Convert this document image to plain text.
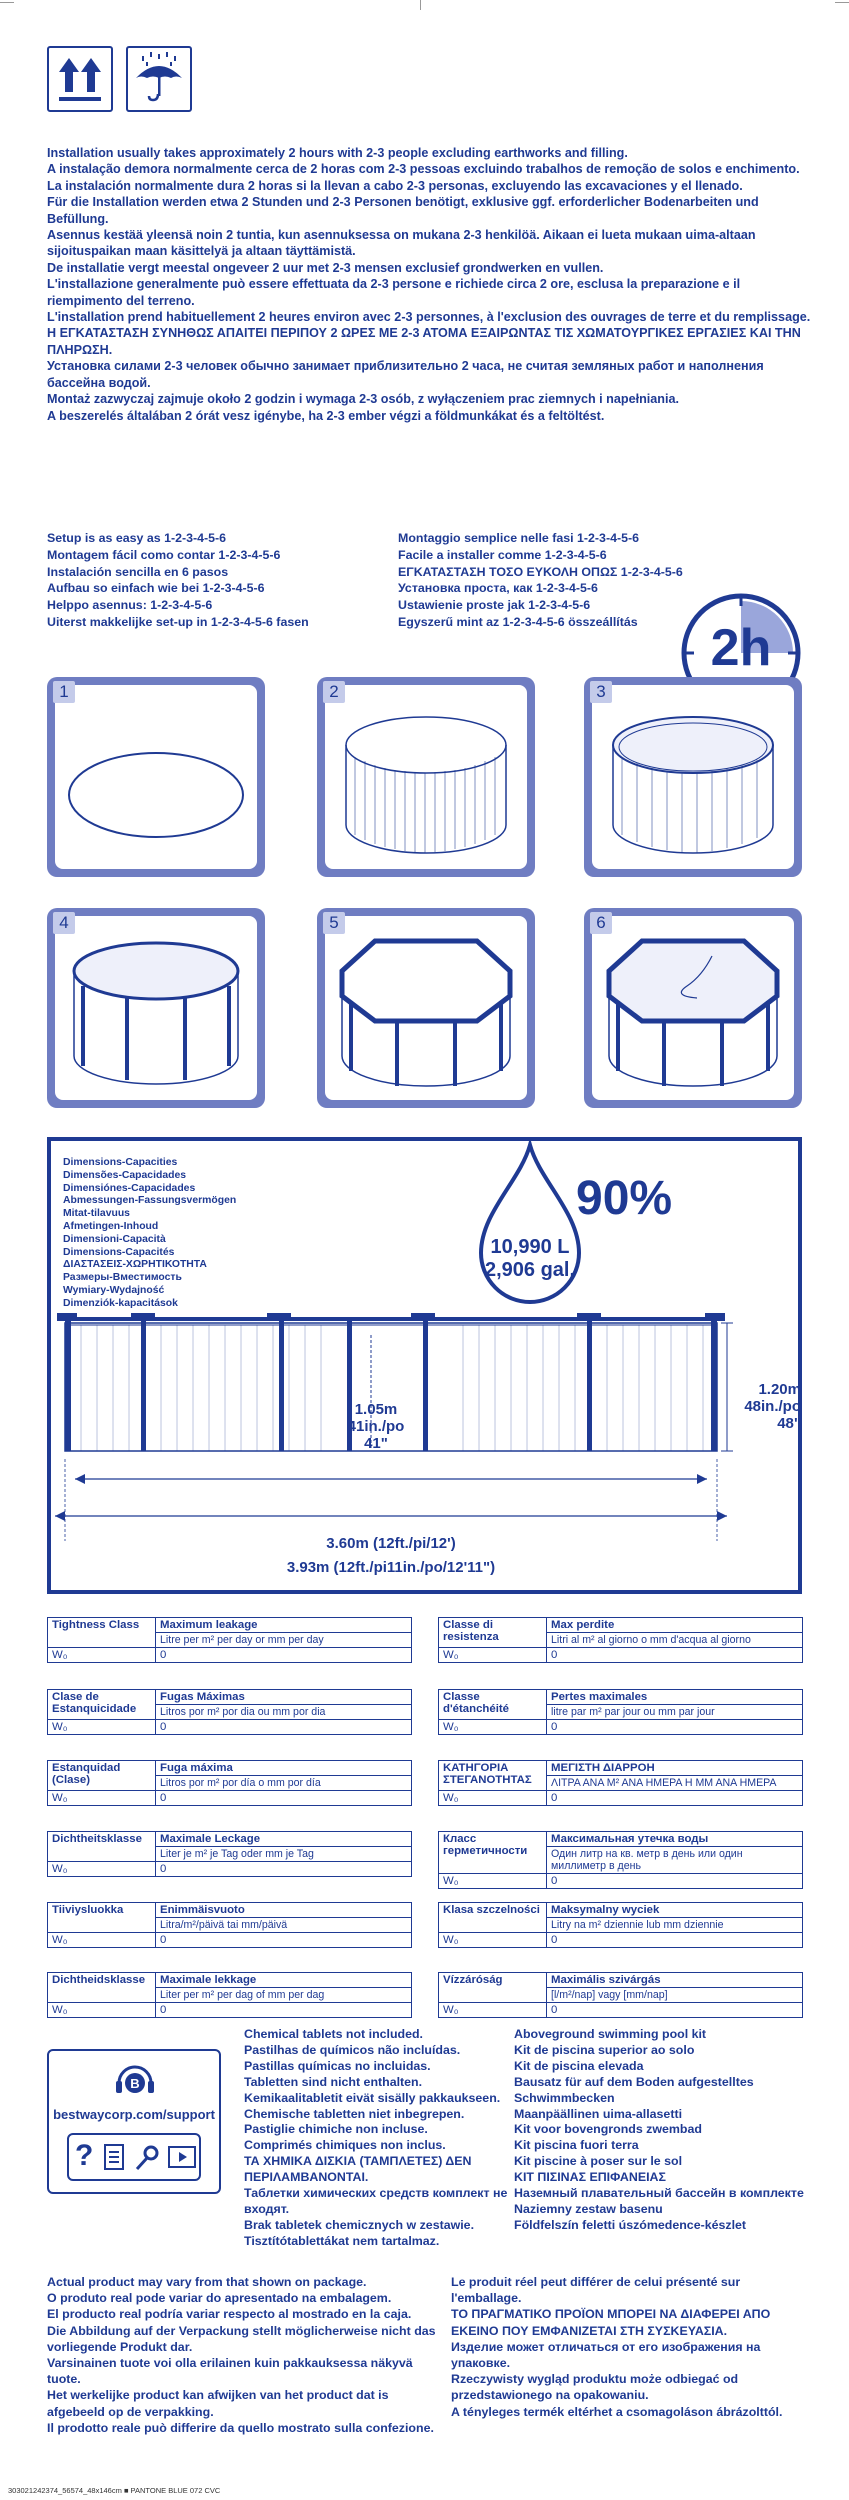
Installation usually takes approximately 2 hours with 2-3 people excluding earthworks and filling.

A instalação demora normalmente cerca de 2 horas com 2-3 pessoas excluindo trabalhos de remoção de solos e enchimento.

La instalación normalmente dura 2 horas si la llevan a cabo 2-3 personas, excluyendo las excavaciones y el llenado.

Für die Installation werden etwa 2 Stunden und 2-3 Personen benötigt, exklusive ggf. erforderlicher Bodenarbeiten und Befüllung.

Asennus kestää yleensä noin 2 tuntia, kun asennuksessa on mukana 2-3 henkilöä. Aikaan ei lueta mukaan uima-altaan sijoituspaikan maan käsittelyä ja altaan täyttämistä.

De installatie vergt meestal ongeveer 2 uur met 2-3 mensen exclusief grondwerken en vullen.

L'installazione generalmente può essere effettuata da 2-3 persone e richiede circa 2 ore, esclusa la preparazione e il riempimento del terreno.

L'installation prend habituellement 2 heures environ avec 2-3 personnes, à l'exclusion des ouvrages de terre et du remplissage.

Η ΕΓΚΑΤΑΣΤΑΣΗ ΣΥΝΗΘΩΣ ΑΠΑΙΤΕΙ ΠΕΡΙΠΟΥ 2 ΩΡΕΣ ΜΕ 2-3 ΑΤΟΜΑ ΕΞΑΙΡΩΝΤΑΣ ΤΙΣ ΧΩΜΑΤΟΥΡΓΙΚΕΣ ΕΡΓΑΣΙΕΣ ΚΑΙ ΤΗΝ ΠΛΗΡΩΣΗ.

Установка силами 2-3 человек обычно занимает приблизительно 2 часа, не считая земляных работ и наполнения бассейна водой.

Montaż zazwyczaj zajmuje około 2 godzin i wymaga 2-3 osób, z wyłączeniem prac ziemnych i napełniania.

A beszerelés általában 2 órát vesz igénybe, ha 2-3 ember végzi a földmunkákat és a feltöltést.

Setup is as easy as 1-2-3-4-5-6

Montagem fácil como contar 1-2-3-4-5-6

Instalación sencilla en 6 pasos

Aufbau so einfach wie bei 1-2-3-4-5-6

Helppo asennus: 1-2-3-4-5-6

Uiterst makkelijke set-up in 1-2-3-4-5-6 fasen

Montaggio semplice nelle fasi 1-2-3-4-5-6

Facile a installer comme 1-2-3-4-5-6

ΕΓΚΑΤΑΣΤΑΣΗ ΤΟΣΟ ΕΥΚΟΛΗ ΟΠΩΣ 1-2-3-4-5-6

Установка проста, как 1-2-3-4-5-6

Ustawienie proste jak 1-2-3-4-5-6

Egyszerű mint az 1-2-3-4-5-6 összeállítás	2h
1	2	3
4	5	6

Dimensions-Capacities

Dimensões-Capacidades

Dimensiónes-Capacidades

Abmessungen-Fassungsvermögen

Mitat-tilavuus

Afmetingen-Inhoud

Dimensioni-Capacità

Dimensions-Capacités

ΔΙΑΣΤΑΣΕΙΣ-ΧΩΡΗΤΙΚΟΤΗΤΑ

Размеры-Вместимость

Wymiary-Wydajność

Dimenziók-kapacitások

10,990 L
2,906 gal.
90%
1.05m
41in./po
41"
1.20m
48in./po
48"
3.60m (12ft./pi/12')
3.93m (12ft./pi11in./po/12'11")
Tightness Class	Maximum leakage
	Litre per m² per day or mm per day
W₀	0
Classe di resistenza	Max perdite
	Litri al m² al giorno o mm d'acqua al giorno
W₀	0
Clase de Estanquicidade	Fugas Máximas
	Litros por m² por dia ou mm por dia
W₀	0
Classe d'étanchéité	Pertes maximales
	litre par m² par jour ou mm par jour
W₀	0
Estanquidad (Clase)	Fuga máxima
	Litros por m² por día o mm por día
W₀	0
ΚΑΤΗΓΟΡΙΑ ΣΤΕΓΑΝΟΤΗΤΑΣ	ΜΕΓΙΣΤΗ ΔΙΑΡΡΟΗ
	ΛΙΤΡΑ ΑΝΑ Μ² ΑΝΑ ΗΜΕΡΑ Η ΜΜ ΑΝΑ ΗΜΕΡΑ
W₀	0
Dichtheitsklasse	Maximale Leckage
	Liter je m² je Tag oder mm je Tag
W₀	0
Класс герметичности	Максимальная утечка воды
	Один литр на кв. метр в день или один миллиметр в день
W₀	0
Tiiviysluokka	Enimmäisvuoto
	Litra/m²/päivä tai mm/päivä
W₀	0
Klasa szczelności	Maksymalny wyciek
	Litry na m² dziennie lub mm dziennie
W₀	0
Dichtheidsklasse	Maximale lekkage
	Liter per m² per dag of mm per dag
W₀	0
Vízzáróság	Maximális szivárgás
	[l/m²/nap] vagy [mm/nap]
W₀	0
B
bestwaycorp.com/support
?

Chemical tablets not included.

Pastilhas de químicos não incluídas.

Pastillas químicas no incluidas.

Tabletten sind nicht enthalten.

Kemikaalitabletit eivät sisälly pakkaukseen.

Chemische tabletten niet inbegrepen.

Pastiglie chimiche non incluse.

Comprimés chimiques non inclus.

ΤΑ ΧΗΜΙΚΑ ΔΙΣΚΙΑ (ΤΑΜΠΛΕΤΕΣ) ΔΕΝ ΠΕΡΙΛΑΜΒΑΝΟΝΤΑΙ.

Таблетки химических средств комплект не входят.

Brak tabletek chemicznych w zestawie.

Tisztítótablettákat nem tartalmaz.

Aboveground swimming pool kit

Kit de piscina superior ao solo

Kit de piscina elevada

Bausatz für auf dem Boden aufgestelltes Schwimmbecken

Maanpäällinen uima-allasetti

Kit voor bovengronds zwembad

Kit piscina fuori terra

Kit piscine à poser sur le sol

ΚΙΤ ΠΙΣΙΝΑΣ ΕΠΙΦΑΝΕΙΑΣ

Наземный плавательный бассейн в комплекте

Naziemny zestaw basenu

Földfelszín feletti úszómedence-készlet

Actual product may vary from that shown on package.

O produto real pode variar do apresentado na embalagem.

El producto real podría variar respecto al mostrado en la caja.

Die Abbildung auf der Verpackung stellt möglicherweise nicht das vorliegende Produkt dar.

Varsinainen tuote voi olla erilainen kuin pakkauksessa näkyvä tuote.

Het werkelijke product kan afwijken van het product dat is afgebeeld op de verpakking.

Il prodotto reale può differire da quello mostrato sulla confezione.

Le produit réel peut différer de celui présenté sur l'emballage.

ΤΟ ΠΡΑΓΜΑΤΙΚΟ ΠΡΟΪΟΝ ΜΠΟΡΕΙ ΝΑ ΔΙΑΦΕΡΕΙ ΑΠΟ ΕΚΕΙΝΟ ΠΟΥ ΕΜΦΑΝΙΖΕΤΑΙ ΣΤΗ ΣΥΣΚΕΥΑΣΙΑ.

Изделие может отличаться от его изображения на упаковке.

Rzeczywisty wygląd produktu może odbiegać od przedstawionego na opakowaniu.

A tényleges termék eltérhet a csomagoláson ábrázolttól.

303021242374_56574_48x146cm ■ PANTONE BLUE 072 CVC
